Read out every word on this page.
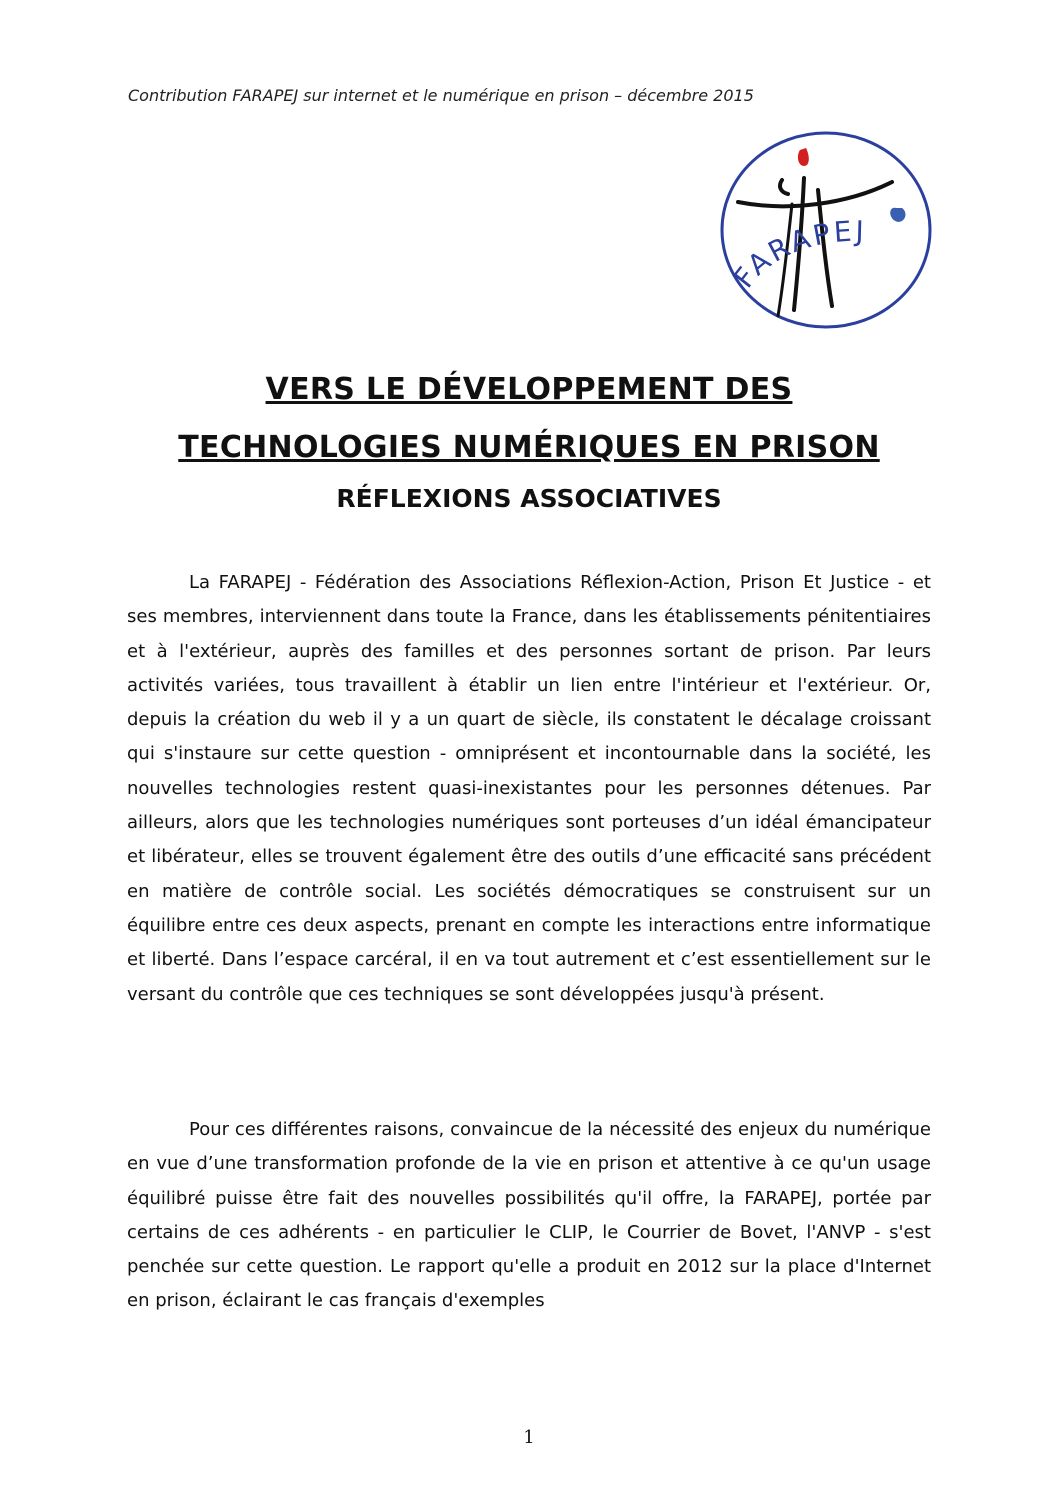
Contribution FARAPEJ sur internet et le numérique en prison – décembre 2015
FARAPEJ
VERS LE DÉVELOPPEMENT DES
TECHNOLOGIES NUMÉRIQUES EN PRISON
RÉFLEXIONS ASSOCIATIVES

La FARAPEJ - Fédération des Associations Réflexion-Action, Prison Et Justice - et ses membres, interviennent dans toute la France, dans les établissements pénitentiaires et à l'extérieur, auprès des familles et des personnes sortant de prison. Par leurs activités variées, tous travaillent à établir un lien entre l'intérieur et l'extérieur. Or, depuis la création du web il y a un quart de siècle, ils constatent le décalage croissant qui s'instaure sur cette question - omniprésent et incontournable dans la société, les nouvelles technologies restent quasi-inexistantes pour les personnes détenues. Par ailleurs, alors que les technologies numériques sont porteuses d’un idéal émancipateur et libérateur, elles se trouvent également être des outils d’une efficacité sans précédent en matière de contrôle social. Les sociétés démocratiques se construisent sur un équilibre entre ces deux aspects, prenant en compte les interactions entre informatique et liberté. Dans l’espace carcéral, il en va tout autrement et c’est essentiellement sur le versant du contrôle que ces techniques se sont développées jusqu'à présent.

Pour ces différentes raisons, convaincue de la nécessité des enjeux du numérique en vue d’une transformation profonde de la vie en prison et attentive à ce qu'un usage équilibré puisse être fait des nouvelles possibilités qu'il offre, la FARAPEJ, portée par certains de ces adhérents - en particulier le CLIP, le Courrier de Bovet, l'ANVP - s'est penchée sur cette question. Le rapport qu'elle a produit en 2012 sur la place d'Internet en prison, éclairant le cas français d'exemples

1
